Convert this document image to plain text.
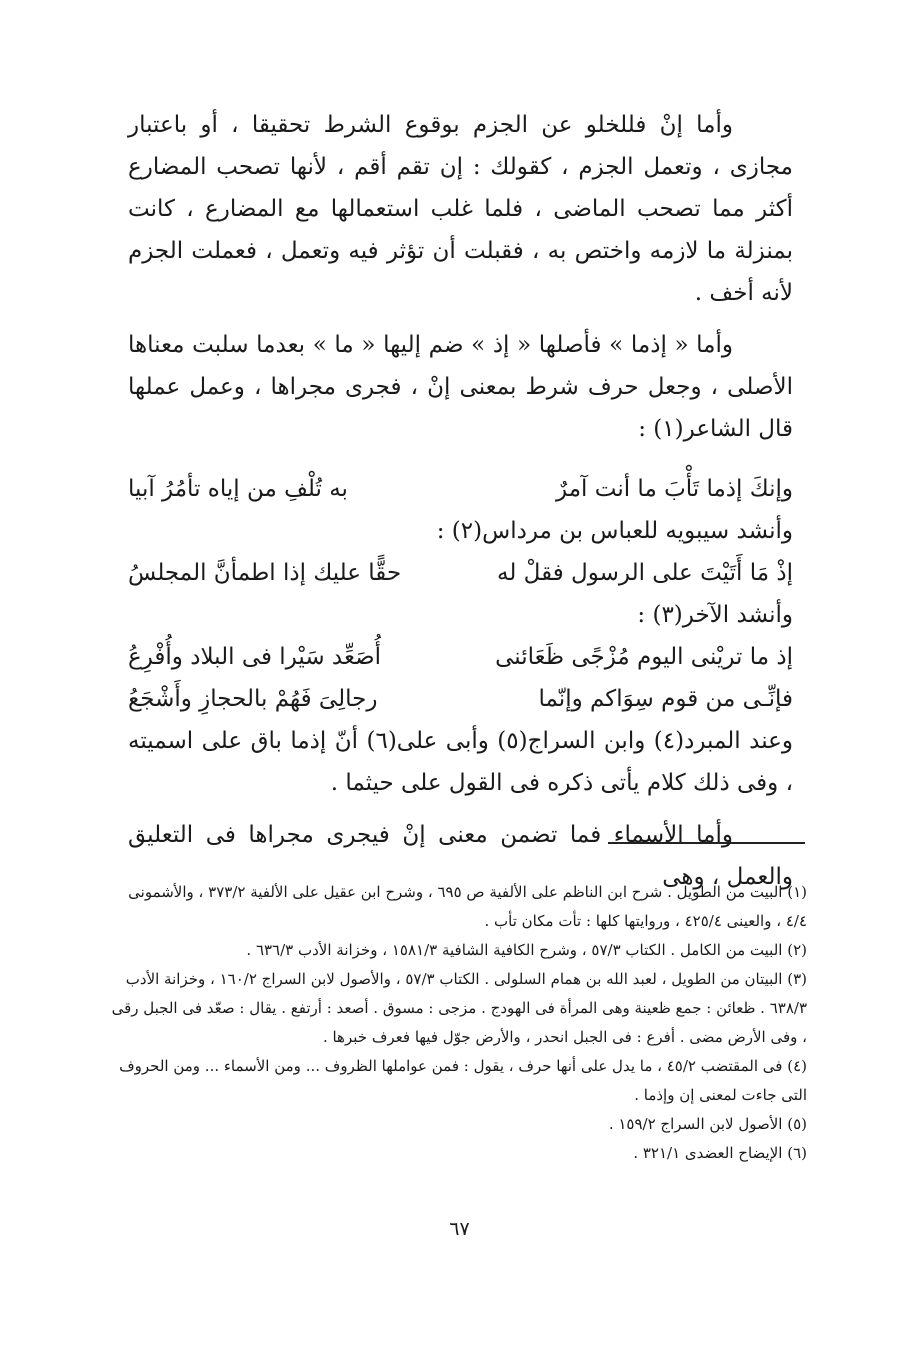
وأما إنْ فللخلو عن الجزم بوقوع الشرط تحقيقا ، أو باعتبار مجازى ، وتعمل الجزم ، كقولك : إن تقم أقم ، لأنها تصحب المضارع أكثر مما تصحب الماضى ، فلما غلب استعمالها مع المضارع ، كانت بمنزلة ما لازمه واختص به ، فقبلت أن تؤثر فيه وتعمل ، فعملت الجزم لأنه أخف .

وأما « إذما » فأصلها « إذ » ضم إليها « ما » بعدما سلبت معناها الأصلى ، وجعل حرف شرط بمعنى إنْ ، فجرى مجراها ، وعمل عملها قال الشاعر(١) :

وإنكَ إذما تَأْبَ ما أنت آمرٌ
به تُلْفِ من إياه تأمُرُ آبيا

وأنشد سيبويه للعباس بن مرداس(٢) :

إذْ مَا أَتَيْتَ على الرسول فقلْ له
حقًّا عليك إذا اطمأنَّ المجلسُ

وأنشد الآخر(٣) :

إذ ما تريْنى اليوم مُزْجًى ظَعَائنى
أُصَعِّد سَيْرا فى البلاد وأُفْرِعُ
فإنِّـى من قوم سِوَاكم وإنّما
رجالِىَ فَهُمْ بالحجازِ وأَشْجَعُ

وعند المبرد(٤) وابن السراج(٥) وأبى على(٦) أنّ إذما باق على اسميته ، وفى ذلك كلام يأتى ذكره فى القول على حيثما .

وأما الأسماء فما تضمن معنى إنْ فيجرى مجراها فى التعليق والعمل ، وهى

(١) البيت من الطويل . شرح ابن الناظم على الألفية ص ٦٩٥ ، وشرح ابن عقيل على الألفية ٣٧٣/٢ ، والأشمونى ٤/٤ ، والعينى ٤٢٥/٤ ، وروايتها كلها : تأت مكان تأب .

(٢) البيت من الكامل . الكتاب ٥٧/٣ ، وشرح الكافية الشافية ١٥٨١/٣ ، وخزانة الأدب ٦٣٦/٣ .

(٣) البيتان من الطويل ، لعبد الله بن همام السلولى . الكتاب ٥٧/٣ ، والأصول لابن السراج ١٦٠/٢ ، وخزانة الأدب ٦٣٨/٣ . ظعائن : جمع ظعينة وهى المرأة فى الهودج . مزجى : مسوق . أصعد : أرتفع . يقال : صعّد فى الجبل رقى ، وفى الأرض مضى . أفرع : فى الجبل انحدر ، والأرض جوّل فيها فعرف خبرها .

(٤) فى المقتضب ٤٥/٢ ، ما يدل على أنها حرف ، يقول : فمن عواملها الظروف ... ومن الأسماء ... ومن الحروف التى جاءت لمعنى إن وإذما .

(٥) الأصول لابن السراج ١٥٩/٢ .

(٦) الإيضاح العضدى ٣٢١/١ .

٦٧
